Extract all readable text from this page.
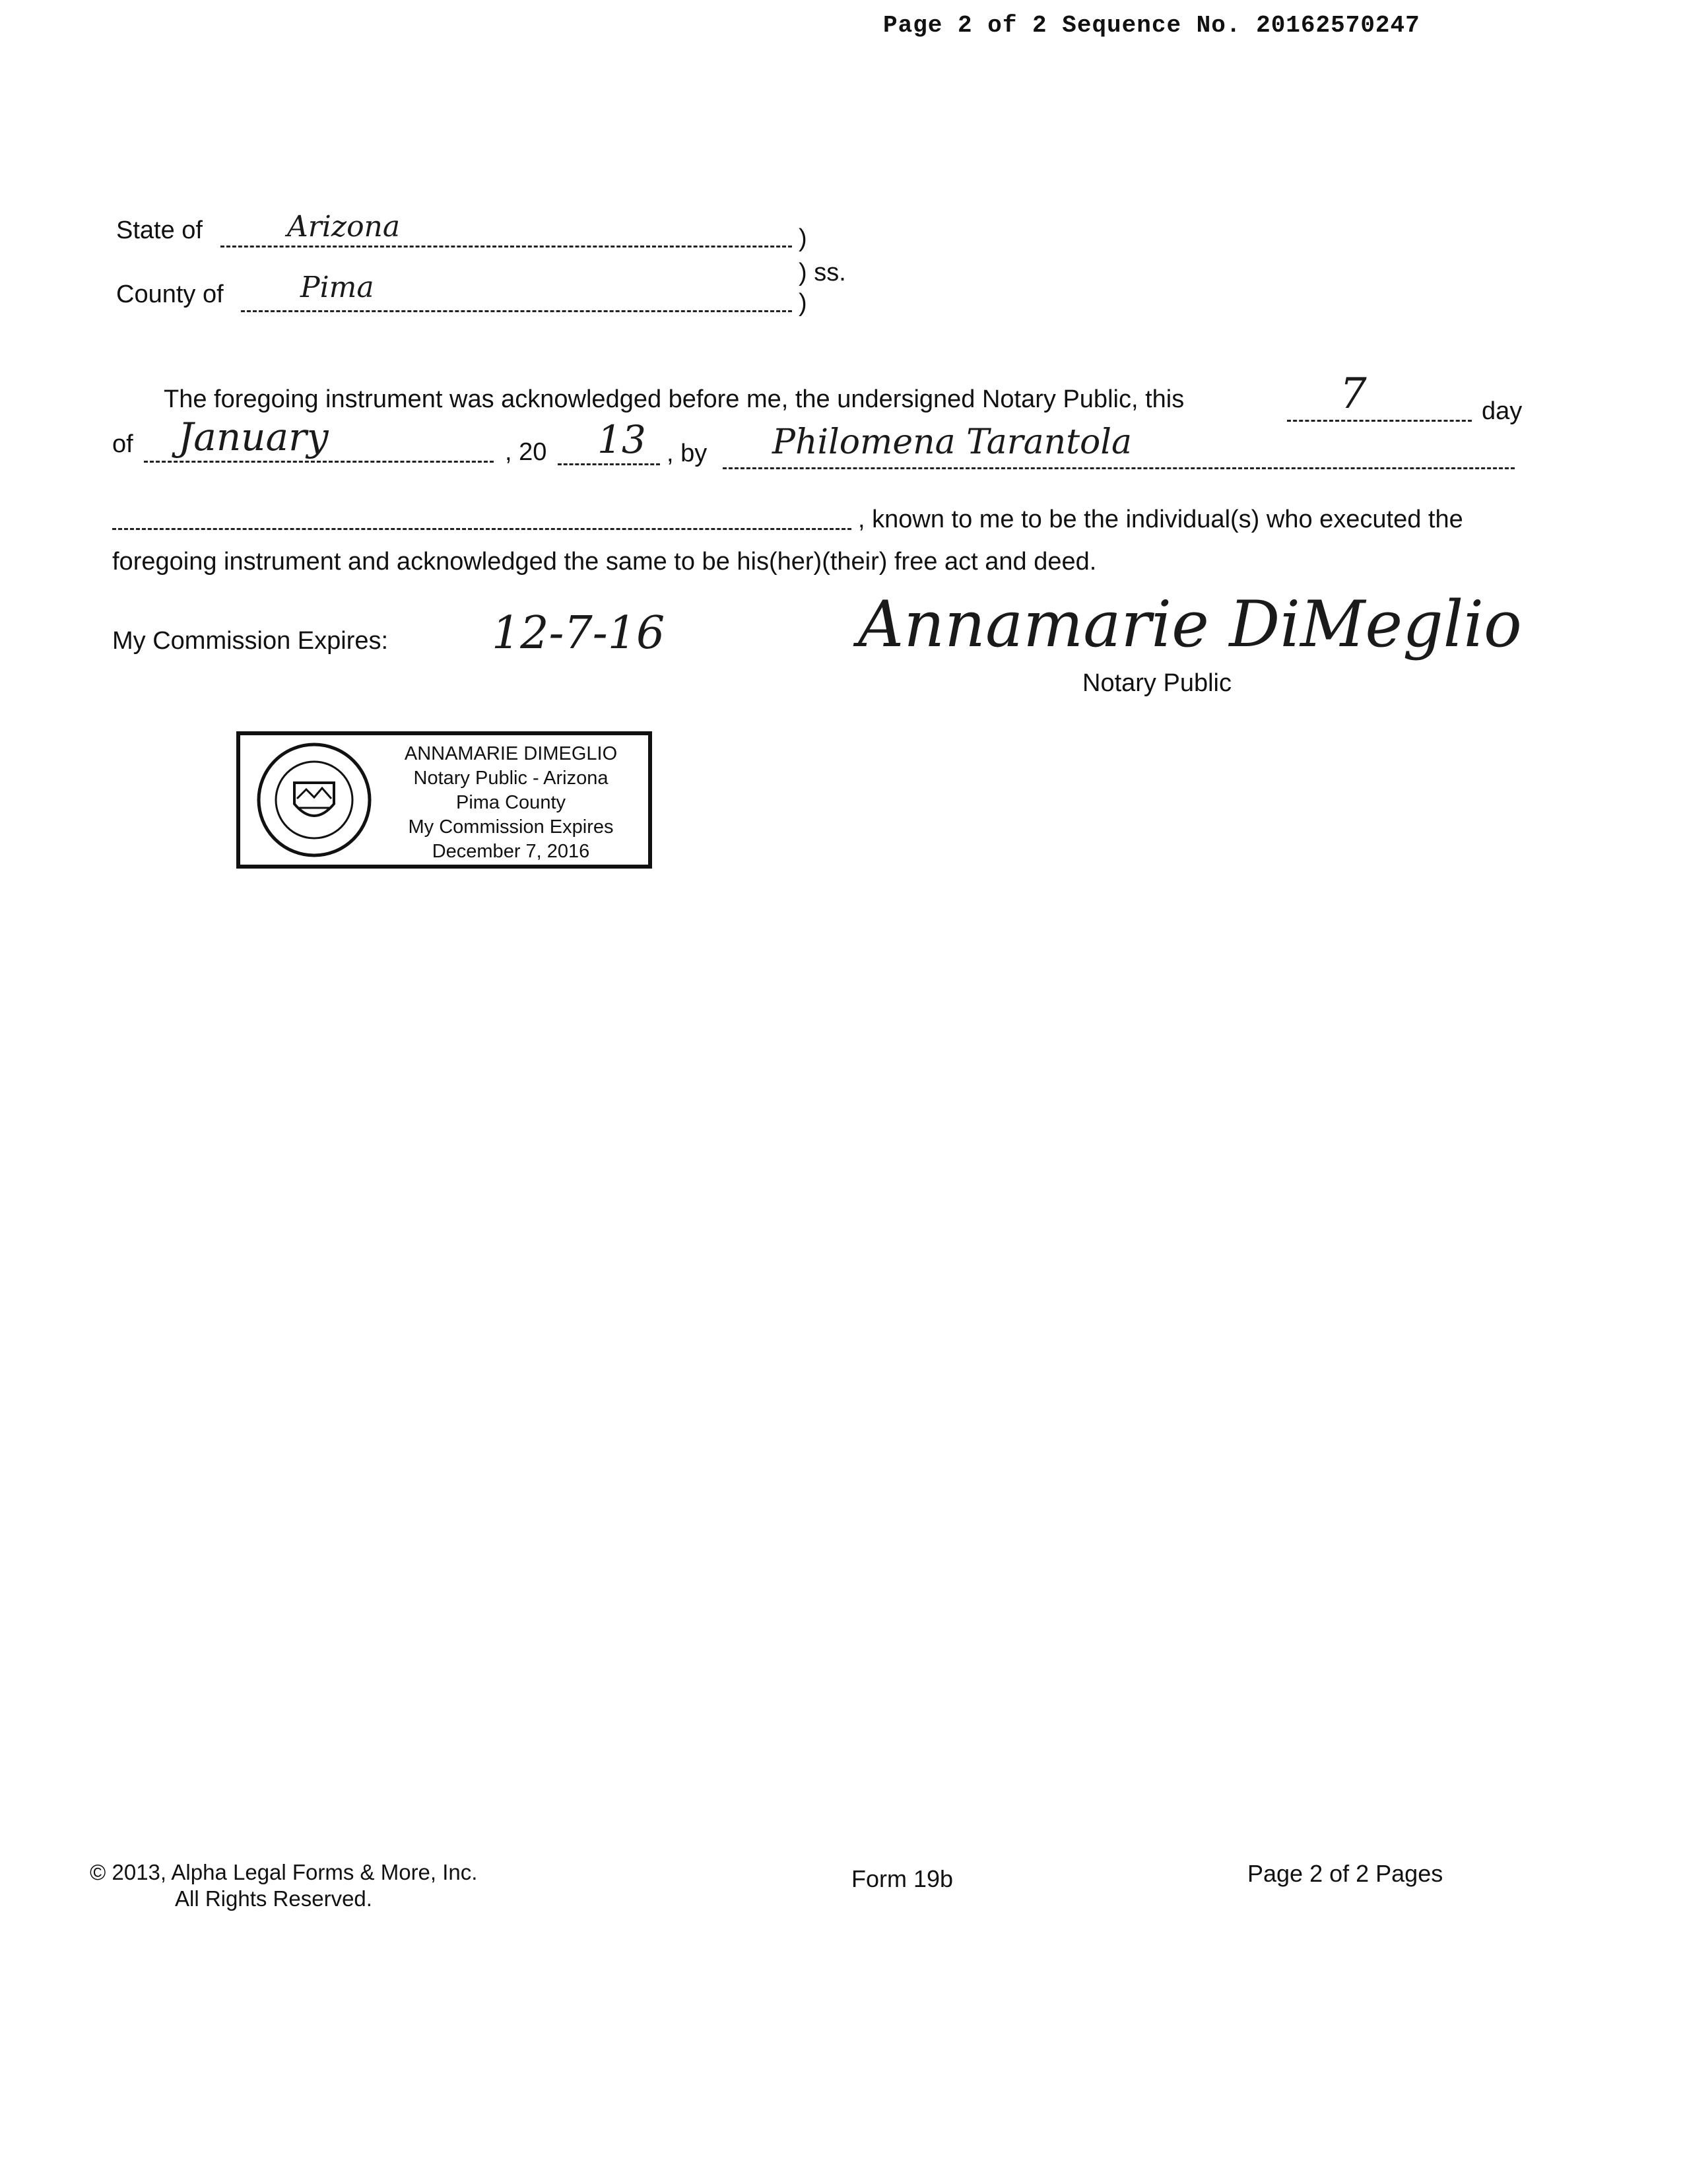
Page 2 of 2 Sequence No. 20162570247
State of	Arizona	)
) ss.
County of	Pima	)
The foregoing instrument was acknowledged before me, the undersigned Notary Public, this	7	day
of January	, 20 13 , by Philomena Tarantola
, known to me to be the individual(s) who executed the
foregoing instrument and acknowledged the same to be his(her)(their) free act and deed.
My Commission Expires: 12-7-16	Annamarie DiMeglio
Notary Public
ANNAMARIE DIMEGLIO
Notary Public - Arizona
Pima County
My Commission Expires
December 7, 2016
© 2013, Alpha Legal Forms & More, Inc.
All Rights Reserved.
Form 19b	Page 2 of 2 Pages
